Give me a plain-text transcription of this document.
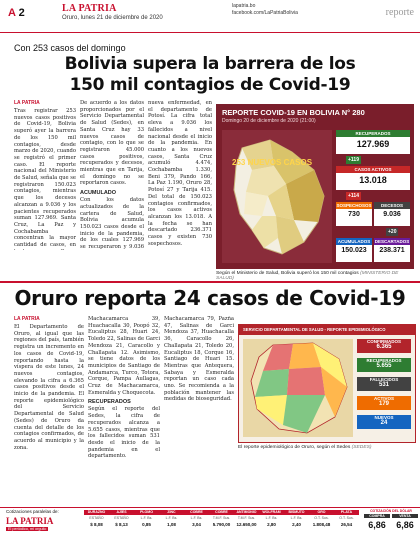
A 2	LA PATRIA
Oruro, lunes 21 de diciembre de 2020
lapatria.bo
facebook.com/LaPatriaBolivia	reporte
Con 253 casos del domingo
Bolivia supera la barrera de los
150 mil contagios de Covid-19
LA PATRIA
Tras registrar 253 nuevos casos positivos de Covid-19, Bolivia superó ayer la barrera de los 150 mil contagios, desde marzo de 2020, cuando se registró el primer caso. El reporte nacional del Ministerio de Salud, señala que se registraron 150.023 contagios, mientras que los decesos alcanzan a 9.036 y los pacientes recuperados suman 127.969. Santa Cruz, La Paz y Cochabamba concentran la mayor cantidad de casos, en
De acuerdo a los datos proporcionados por el Servicio Departamental de Salud (Sedes), en Santa Cruz hay 33 nuevos casos de contagio, con lo que se registraron 45.000 casos positivos, recuperados y decesos, mientras que en Tarija, el domingo no se reportaron casos.
ACUMULADO
Con los datos actualizados de la cartera de Salud, Bolivia acumula 150.023 casos desde el inicio de la pandemia, de los cuales 127.969 se recuperaron y 9.036
nueva enfermedad, en el departamento de Potosí. La cifra total eleva a 9.036 los fallecidos a nivel nacional desde el inicio de la pandemia. En cuanto a los nuevos casos, Santa Cruz acumuló 4.474, Cochabamba 1.330, Beni 379, Pando 166, La Paz 1.190, Oruro 28, Potosí 27 y Tarija 415. Del total de 150.023 contagios confirmados, los casos activos alcanzan los 13.018. A la fecha se han descartado 236.371 casos y existen 730 sospechosos.
REPORTE COVID-19 EN BOLIVIA N° 280
Domingo 20 de diciembre de 2020 (21:00)
253 NUEVOS CASOS
RECUPERADOS
127.969
+119
CASOS ACTIVOS
13.018
+114
SOSPECHOSOS
730
DECESOS
9.036
+20
ACUMULADOS
150.023
DESCARTADOS
238.371
Según el Ministerio de Salud, Bolivia superó los 150 mil contagios (MINISTERIO DE SALUD)
Oruro reporta 24 casos de Covid-19
LA PATRIA
El Departamento de Oruro, al igual que las regiones del país, también registra un incremento en los casos de Covid-19, reportando hasta la víspera de este lunes, 24 nuevos contagios, elevando la cifra a 6.365 casos positivos desde el inicio de la pandemia. El reporte epidemiológico del Servicio Departamental de Salud (Sedes) de Oruro da cuenta del detalle de los contagios confirmados, de acuerdo al municipio y la zona.
Machacamarca 39, Huachacalla 30, Poopó 32, Eucaliptus 28, Huari 24, Toledo 22, Salinas de Garci Mendoza 21, Caracollo y Challapata 12. Asimismo, se tiene datos de los municipios de Santiago de Andamarca, Turco, Totora, Corque, Pampa Aullagas, Cruz de Machacamarca, Esmeralda y Choquecota.
RECUPERADOS
Según el reporte del Sedes, la cifra de recuperados alcanza a 5.655 casos, mientras que los fallecidos suman 531 desde el inicio de la pandemia en el departamento.
Machacamarca 79, Pazña 47, Salinas de Garci Mendoza 37, Huachacalla 36, Caracollo 26, Challapata 21, Toledo 20, Eucaliptus 18, Corque 16, Santiago de Huari 15. Mientras que Antequera, Sabaya y Esmeralda reportan un caso cada uno. Se recomienda a la población mantener las medidas de bioseguridad.
SERVICIO DEPARTAMENTAL DE SALUD - REPORTE EPIDEMIOLÓGICO
CONFIRMADOS
6.365
RECUPERADOS
5.655
FALLECIDOS
531
ACTIVOS
179
NUEVOS
24
El reporte epidemiológico de Oruro, según el Sedes (SEDES)
Cotizaciones paralelas de:
LA PATRIA
El periódico, mi orgullo
DURAZNO
ESTAÑO
$ 8,08
AJÍES
ESTAÑO
$ 8,13
PLOMO
L.F. Bs.
0,85
ZINC
L.F. Bs.
1,08
COBRE
L.F. Bs.
3,04
COBRE
T.M.F. Sus.
5.790,00
ANTIMONIO
T.M.F. Sus.
12.650,00
WOLFRAM
L.F. Bs.
2,80
BISMUTO
L.F. Bs.
2,40
ORO
O.T. Sus.
1.808,48
PLATA
O.T. Sus.
26,54
COTIZACIÓN DEL DÓLAR
COMPRA	VENTA
6,86	6,86
